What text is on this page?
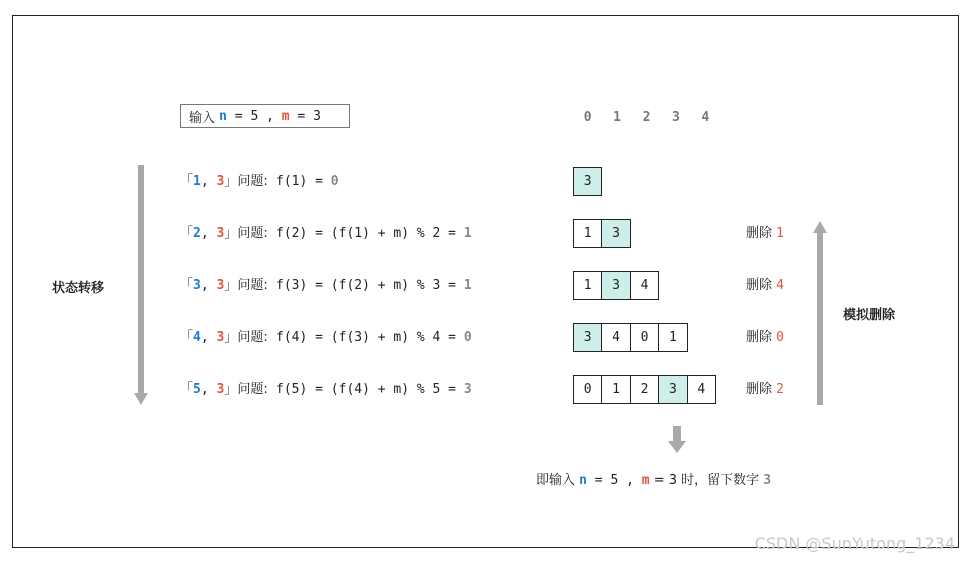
输入 n = 5 , m = 3	0	1	2	3	4
状态转移
模拟删除
「1, 3」问题:  f(1) = 0
「2, 3」问题:  f(2) = (f(1) + m) % 2 = 1
「3, 3」问题:  f(3) = (f(2) + m) % 3 = 1
「4, 3」问题:  f(4) = (f(3) + m) % 4 = 0
「5, 3」问题:  f(5) = (f(4) + m) % 5 = 3
3
1	3
1	3	4
3	4	0	1
0	1	2	3	4
删除 1
删除 4
删除 0
删除 2
即输入 n = 5 , m = 3 时，留下数字 3
CSDN @SunYutong_1234
